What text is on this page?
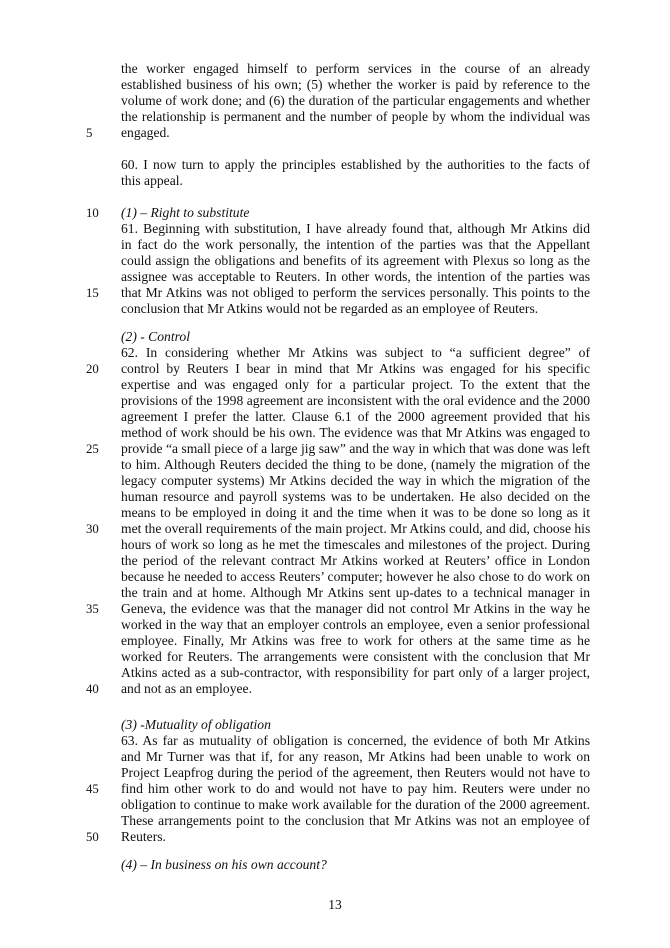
5
10
15
20
25
30
35
40
45
50
the worker engaged himself to perform services in the course of an already
established business of his own; (5) whether the worker is paid by reference to the
volume of work done; and (6) the duration of the particular engagements and whether
the relationship is permanent and the number of people by whom the individual was
engaged.
60. I now turn to apply the principles established by the authorities to the facts of
this appeal.
(1) – Right to substitute
61. Beginning with substitution, I have already found that, although Mr Atkins did
in fact do the work personally, the intention of the parties was that the Appellant
could assign the obligations and benefits of its agreement with Plexus so long as the
assignee was acceptable to Reuters. In other words, the intention of the parties was
that Mr Atkins was not obliged to perform the services personally. This points to the
conclusion that Mr Atkins would not be regarded as an employee of Reuters.
(2) - Control
62. In considering whether Mr Atkins was subject to “a sufficient degree” of
control by Reuters I bear in mind that Mr Atkins was engaged for his specific
expertise and was engaged only for a particular project. To the extent that the
provisions of the 1998 agreement are inconsistent with the oral evidence and the 2000
agreement I prefer the latter. Clause 6.1 of the 2000 agreement provided that his
method of work should be his own. The evidence was that Mr Atkins was engaged to
provide “a small piece of a large jig saw” and the way in which that was done was left
to him. Although Reuters decided the thing to be done, (namely the migration of the
legacy computer systems) Mr Atkins decided the way in which the migration of the
human resource and payroll systems was to be undertaken. He also decided on the
means to be employed in doing it and the time when it was to be done so long as it
met the overall requirements of the main project. Mr Atkins could, and did, choose his
hours of work so long as he met the timescales and milestones of the project. During
the period of the relevant contract Mr Atkins worked at Reuters’ office in London
because he needed to access Reuters’ computer; however he also chose to do work on
the train and at home. Although Mr Atkins sent up-dates to a technical manager in
Geneva, the evidence was that the manager did not control Mr Atkins in the way he
worked in the way that an employer controls an employee, even a senior professional
employee. Finally, Mr Atkins was free to work for others at the same time as he
worked for Reuters. The arrangements were consistent with the conclusion that Mr
Atkins acted as a sub-contractor, with responsibility for part only of a larger project,
and not as an employee.
(3) -Mutuality of obligation
63. As far as mutuality of obligation is concerned, the evidence of both Mr Atkins
and Mr Turner was that if, for any reason, Mr Atkins had been unable to work on
Project Leapfrog during the period of the agreement, then Reuters would not have to
find him other work to do and would not have to pay him. Reuters were under no
obligation to continue to make work available for the duration of the 2000 agreement.
These arrangements point to the conclusion that Mr Atkins was not an employee of
Reuters.
(4) – In business on his own account?
13
